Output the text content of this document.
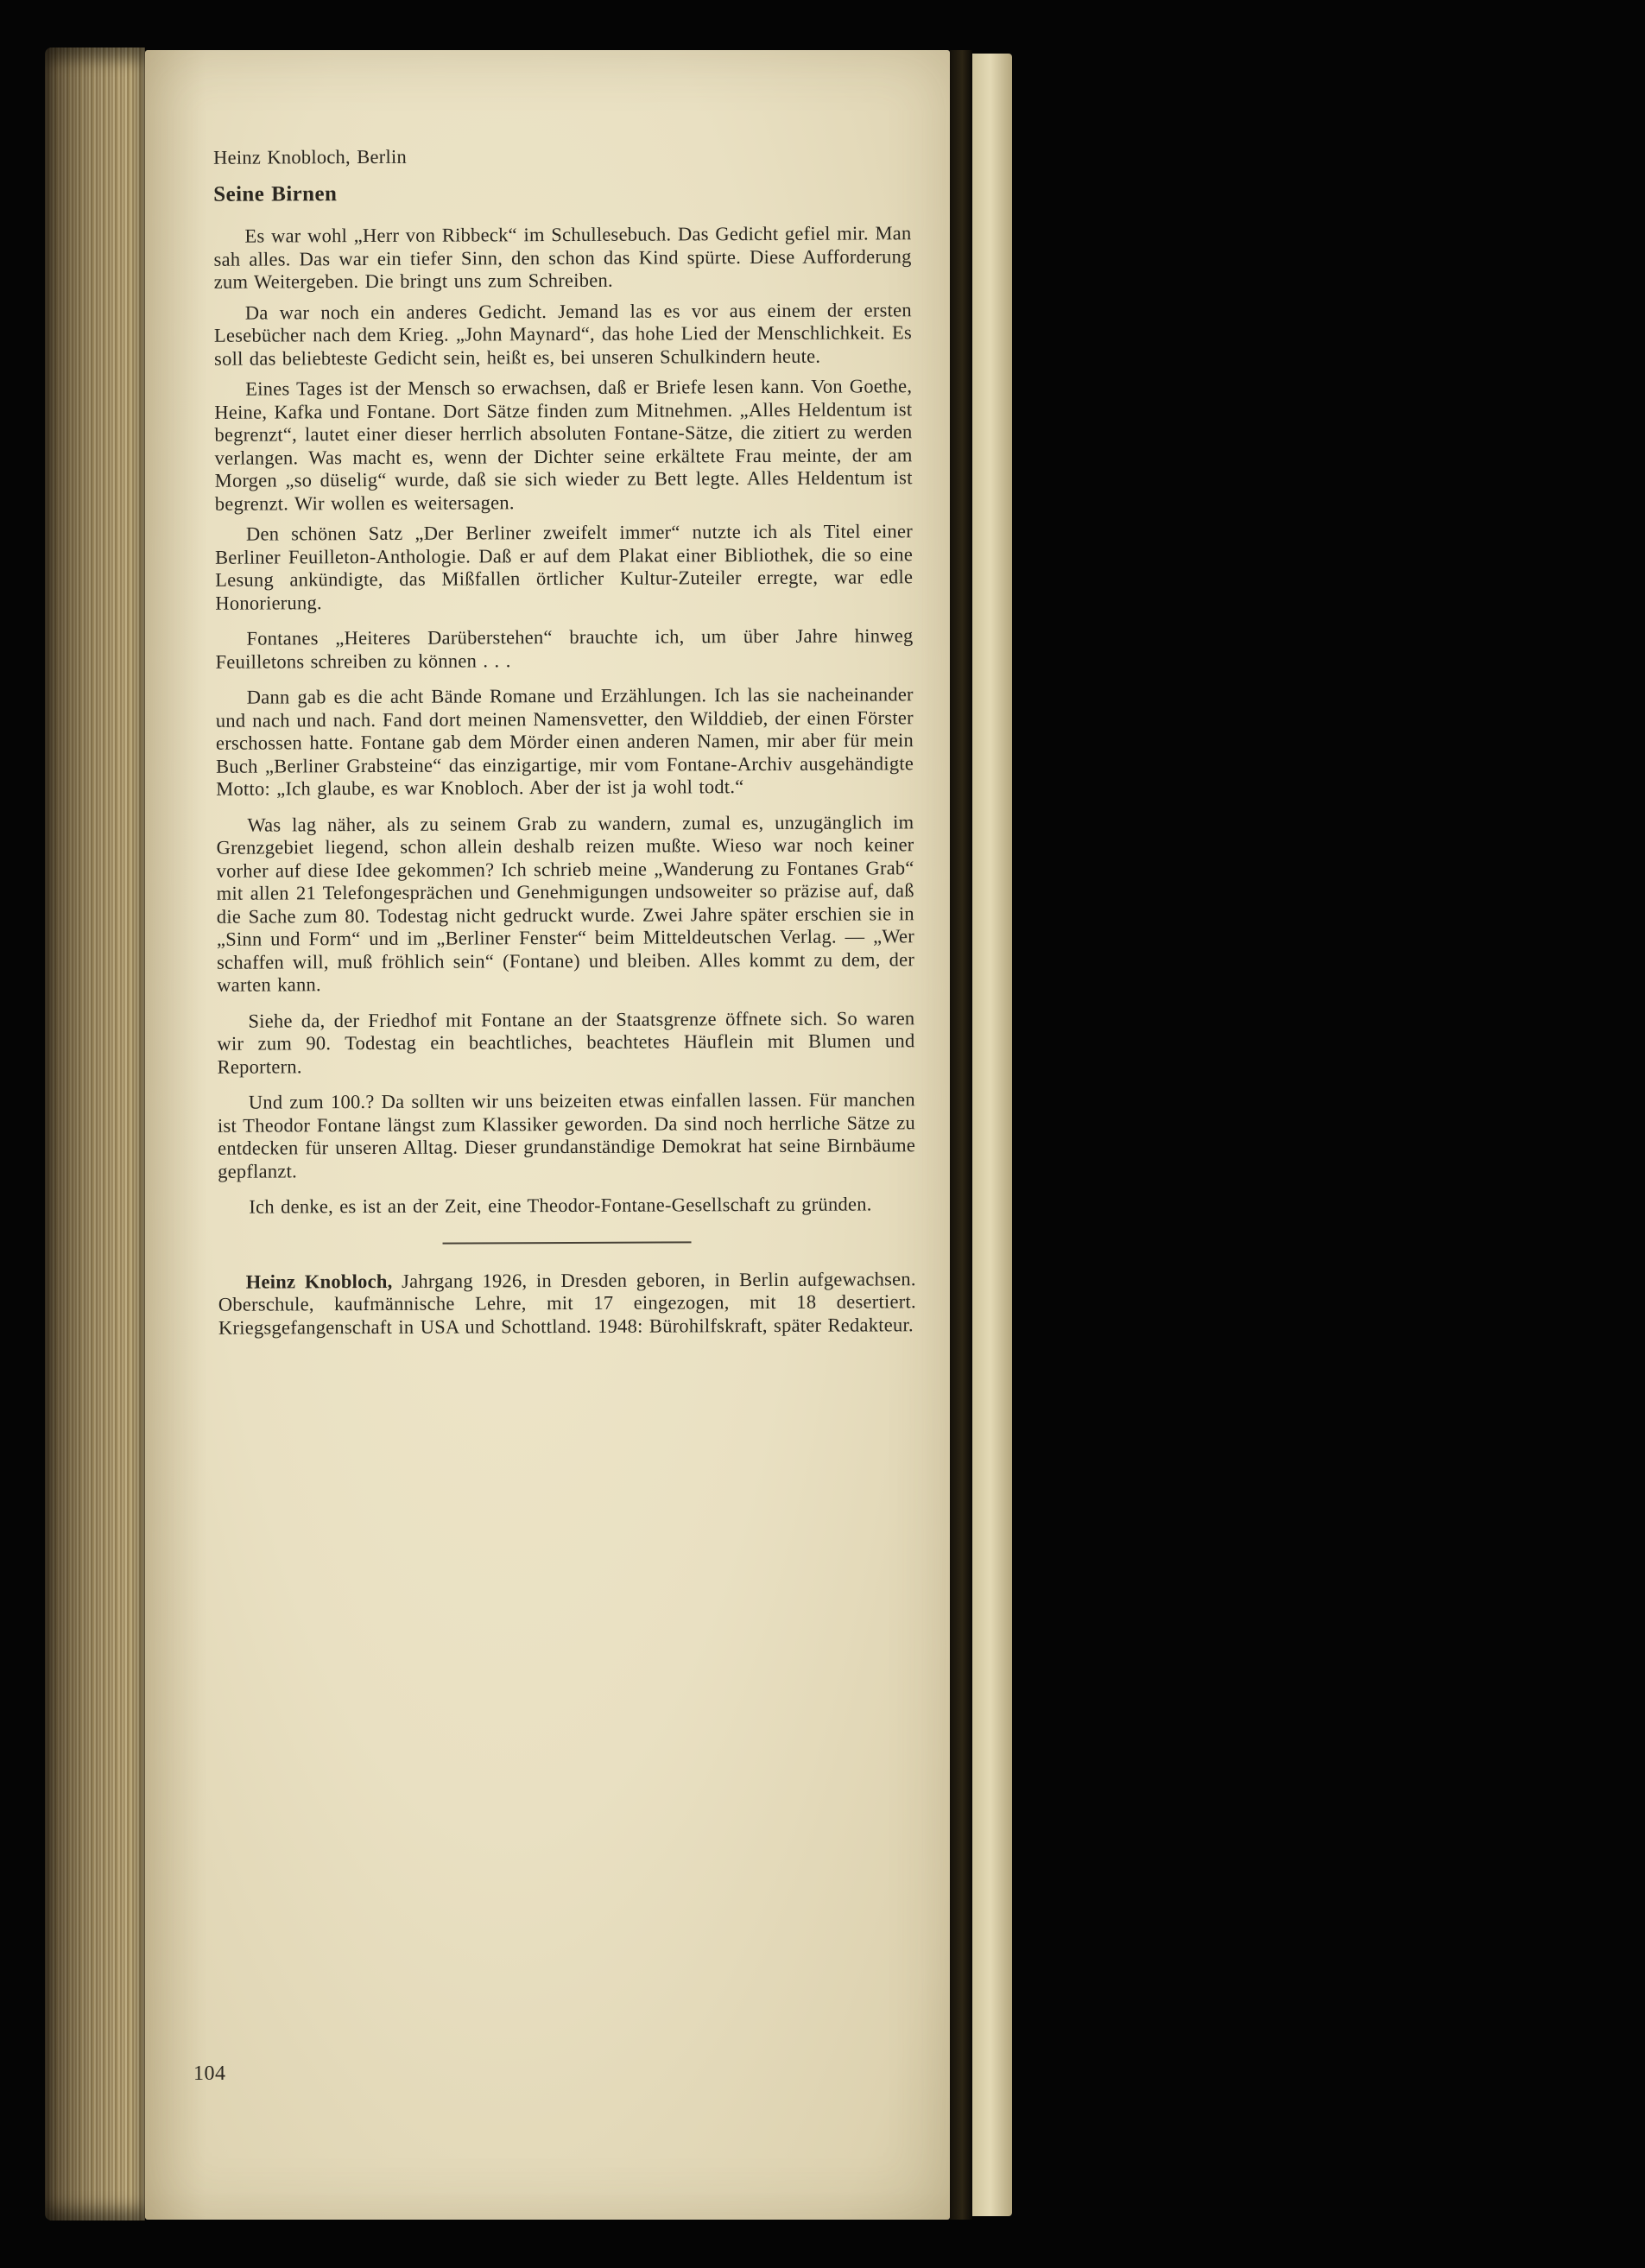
Heinz Knobloch, Berlin
Seine Birnen

Es war wohl „Herr von Ribbeck“ im Schullesebuch. Das Gedicht gefiel mir. Man sah alles. Das war ein tiefer Sinn, den schon das Kind spürte. Diese Aufforderung zum Weitergeben. Die bringt uns zum Schreiben.

Da war noch ein anderes Gedicht. Jemand las es vor aus einem der ersten Lesebücher nach dem Krieg. „John Maynard“, das hohe Lied der Menschlichkeit. Es soll das beliebteste Gedicht sein, heißt es, bei unseren Schulkindern heute.

Eines Tages ist der Mensch so erwachsen, daß er Briefe lesen kann. Von Goethe, Heine, Kafka und Fontane. Dort Sätze finden zum Mitnehmen. „Alles Heldentum ist begrenzt“, lautet einer dieser herrlich absoluten Fontane-Sätze, die zitiert zu werden verlangen. Was macht es, wenn der Dichter seine erkältete Frau meinte, der am Morgen „so düselig“ wurde, daß sie sich wieder zu Bett legte. Alles Heldentum ist begrenzt. Wir wollen es weitersagen.

Den schönen Satz „Der Berliner zweifelt immer“ nutzte ich als Titel einer Berliner Feuilleton-Anthologie. Daß er auf dem Plakat einer Bibliothek, die so eine Lesung ankündigte, das Mißfallen örtlicher Kultur-Zuteiler erregte, war edle Honorierung.

Fontanes „Heiteres Darüberstehen“ brauchte ich, um über Jahre hinweg Feuilletons schreiben zu können . . .

Dann gab es die acht Bände Romane und Erzählungen. Ich las sie nacheinander und nach und nach. Fand dort meinen Namensvetter, den Wilddieb, der einen Förster erschossen hatte. Fontane gab dem Mörder einen anderen Namen, mir aber für mein Buch „Berliner Grabsteine“ das einzigartige, mir vom Fontane-Archiv ausgehändigte Motto: „Ich glaube, es war Knobloch. Aber der ist ja wohl todt.“

Was lag näher, als zu seinem Grab zu wandern, zumal es, unzugänglich im Grenzgebiet liegend, schon allein deshalb reizen mußte. Wieso war noch keiner vorher auf diese Idee gekommen? Ich schrieb meine „Wanderung zu Fontanes Grab“ mit allen 21 Telefongesprächen und Genehmigungen undsoweiter so präzise auf, daß die Sache zum 80. Todestag nicht gedruckt wurde. Zwei Jahre später erschien sie in „Sinn und Form“ und im „Berliner Fenster“ beim Mitteldeutschen Verlag. — „Wer schaffen will, muß fröhlich sein“ (Fontane) und bleiben. Alles kommt zu dem, der warten kann.

Siehe da, der Friedhof mit Fontane an der Staatsgrenze öffnete sich. So waren wir zum 90. Todestag ein beachtliches, beachtetes Häuflein mit Blumen und Reportern.

Und zum 100.? Da sollten wir uns beizeiten etwas einfallen lassen. Für manchen ist Theodor Fontane längst zum Klassiker geworden. Da sind noch herrliche Sätze zu entdecken für unseren Alltag. Dieser grundanständige Demokrat hat seine Birnbäume gepflanzt.

Ich denke, es ist an der Zeit, eine Theodor-Fontane-Gesellschaft zu gründen.

Heinz Knobloch, Jahrgang 1926, in Dresden geboren, in Berlin aufgewachsen. Oberschule, kaufmännische Lehre, mit 17 eingezogen, mit 18 desertiert. Kriegsgefangenschaft in USA und Schottland. 1948: Bürohilfskraft, später Redakteur.

104
